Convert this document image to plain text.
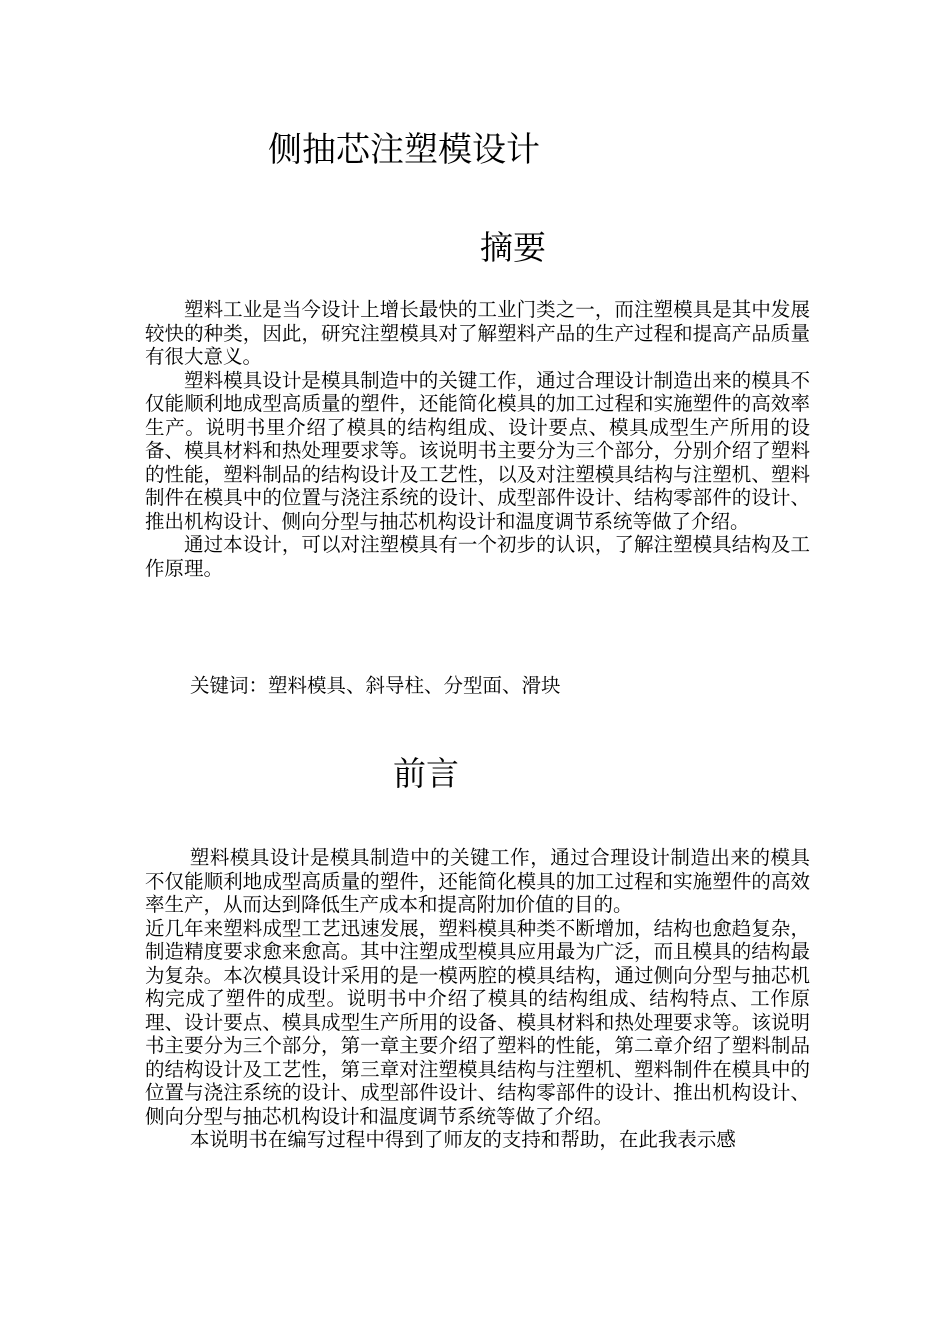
侧抽芯注塑模设计
摘要

塑料工业是当今设计上增长最快的工业门类之一，而注塑模具是其中发展较快的种类，因此，研究注塑模具对了解塑料产品的生产过程和提高产品质量有很大意义。

塑料模具设计是模具制造中的关键工作，通过合理设计制造出来的模具不仅能顺利地成型高质量的塑件，还能简化模具的加工过程和实施塑件的高效率生产。说明书里介绍了模具的结构组成、设计要点、模具成型生产所用的设备、模具材料和热处理要求等。该说明书主要分为三个部分，分别介绍了塑料的性能，塑料制品的结构设计及工艺性，以及对注塑模具结构与注塑机、塑料制件在模具中的位置与浇注系统的设计、成型部件设计、结构零部件的设计、推出机构设计、侧向分型与抽芯机构设计和温度调节系统等做了介绍。

通过本设计，可以对注塑模具有一个初步的认识，了解注塑模具结构及工作原理。

关键词：塑料模具、斜导柱、分型面、滑块
前言

塑料模具设计是模具制造中的关键工作，通过合理设计制造出来的模具不仅能顺利地成型高质量的塑件，还能简化模具的加工过程和实施塑件的高效率生产，从而达到降低生产成本和提高附加价值的目的。

近几年来塑料成型工艺迅速发展，塑料模具种类不断增加，结构也愈趋复杂，制造精度要求愈来愈高。其中注塑成型模具应用最为广泛，而且模具的结构最为复杂。本次模具设计采用的是一模两腔的模具结构，通过侧向分型与抽芯机构完成了塑件的成型。说明书中介绍了模具的结构组成、结构特点、工作原理、设计要点、模具成型生产所用的设备、模具材料和热处理要求等。该说明书主要分为三个部分，第一章主要介绍了塑料的性能，第二章介绍了塑料制品的结构设计及工艺性，第三章对注塑模具结构与注塑机、塑料制件在模具中的位置与浇注系统的设计、成型部件设计、结构零部件的设计、推出机构设计、侧向分型与抽芯机构设计和温度调节系统等做了介绍。

本说明书在编写过程中得到了师友的支持和帮助，在此我表示感
